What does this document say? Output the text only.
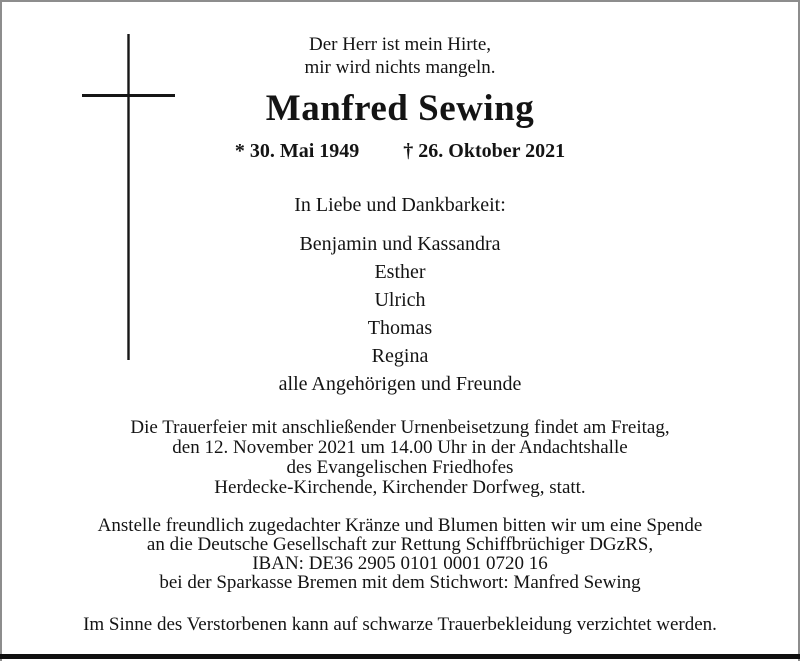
Der Herr ist mein Hirte,
mir wird nichts mangeln.
Manfred Sewing
* 30. Mai 1949 † 26. Oktober 2021
In Liebe und Dankbarkeit:
Benjamin und Kassandra
Esther
Ulrich
Thomas
Regina
alle Angehörigen und Freunde
Die Trauerfeier mit anschließender Urnenbeisetzung findet am Freitag,
den 12. November 2021 um 14.00 Uhr in der Andachtshalle
des Evangelischen Friedhofes
Herdecke-Kirchende, Kirchender Dorfweg, statt.
Anstelle freundlich zugedachter Kränze und Blumen bitten wir um eine Spende
an die Deutsche Gesellschaft zur Rettung Schiffbrüchiger DGzRS,
IBAN: DE36 2905 0101 0001 0720 16
bei der Sparkasse Bremen mit dem Stichwort: Manfred Sewing
Im Sinne des Verstorbenen kann auf schwarze Trauerbekleidung verzichtet werden.
